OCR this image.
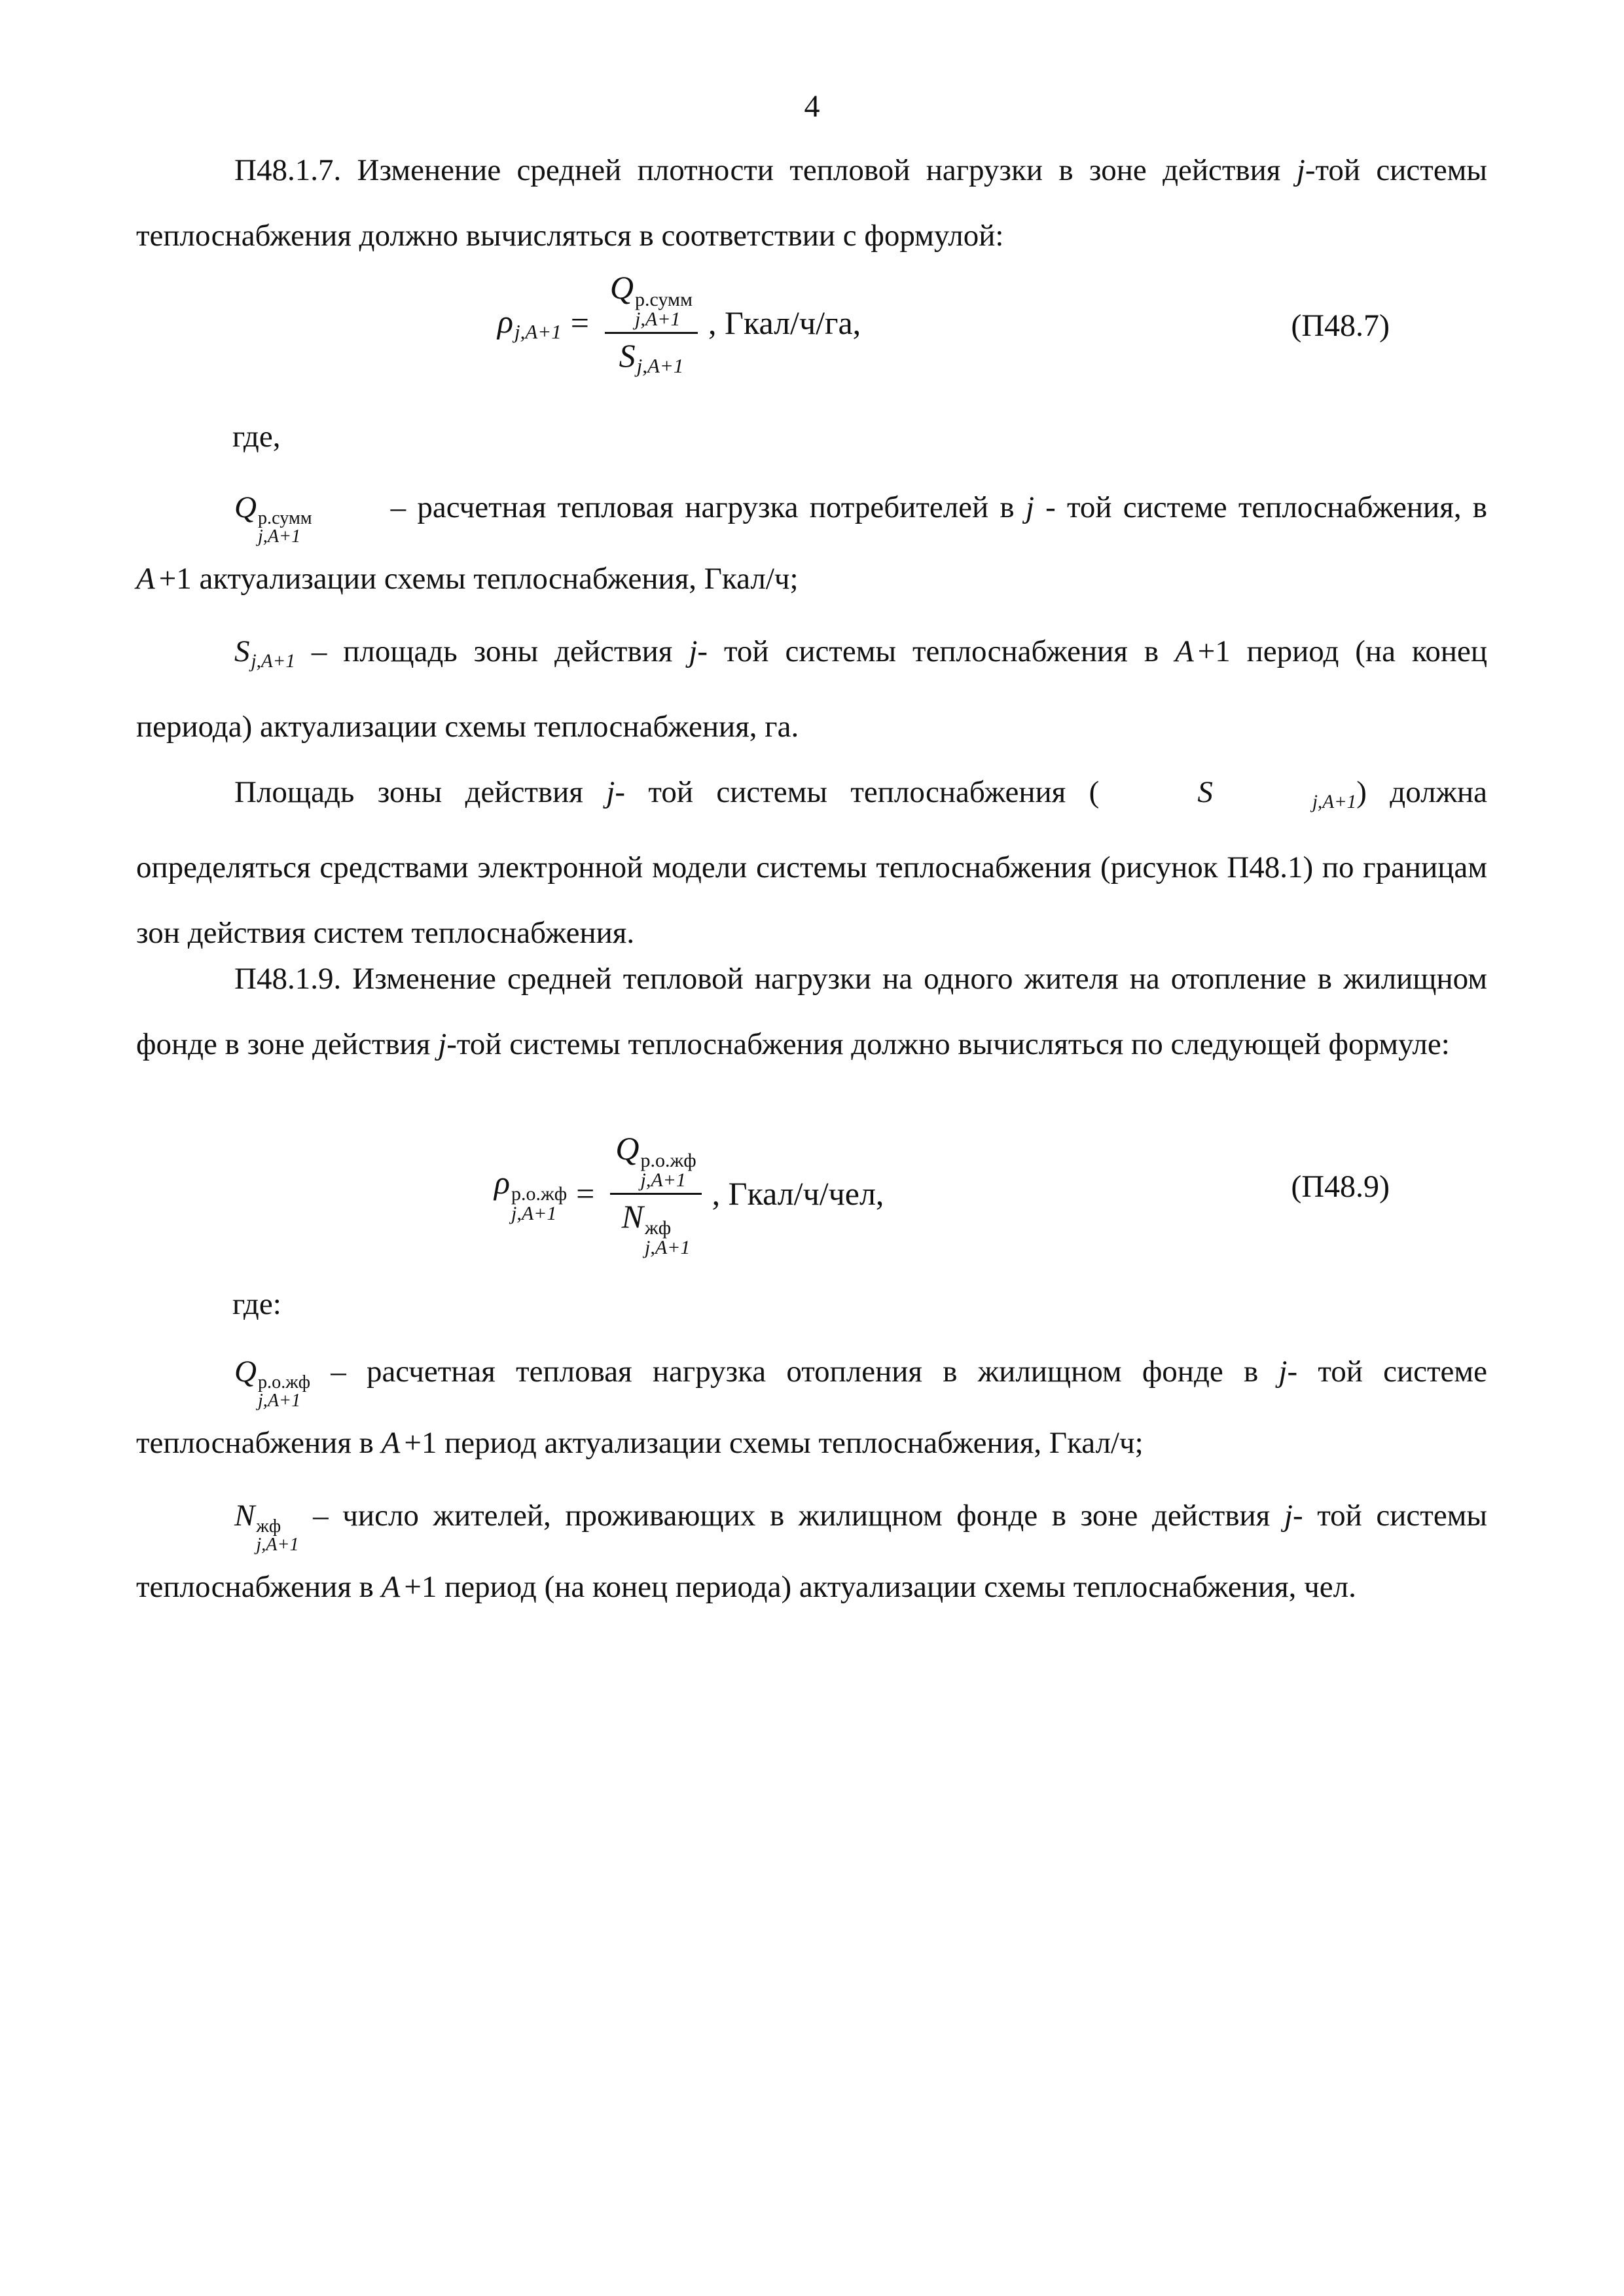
4

П48.1.7. Изменение средней плотности тепловой нагрузки в зоне действия j-той системы теплоснабжения должно вычисляться в соответствии с формулой:

ρj,A+1 = Q р.сумм
j,A+1
Sj,A+1 , Гкал/ч/га,	(П48.7)
где,

Q р.сумм
j,A+1
– расчетная тепловая нагрузка потребителей в j - той системе теплоснабжения, в A +1 актуализации схемы теплоснабжения, Гкал/ч;

Sj,A+1 – площадь зоны действия j- той системы теплоснабжения в A +1 период (на конец периода) актуализации схемы теплоснабжения, га.

Площадь зоны действия j- той системы теплоснабжения (	S	j,A+1) должна определяться средствами электронной модели системы теплоснабжения (рисунок П48.1) по границам зон действия систем теплоснабжения.

П48.1.9. Изменение средней тепловой нагрузки на одного жителя на отопление в жилищном фонде в зоне действия j-той системы теплоснабжения должно вычисляться по следующей формуле:

ρ р.о.жф
j,A+1
= Q р.о.жф
j,A+1
N жф
j,A+1 , Гкал/ч/чел,	(П48.9)
где:

Q р.о.жф
j,A+1
– расчетная тепловая нагрузка отопления в жилищном фонде в j- той системе теплоснабжения в A +1 период актуализации схемы теплоснабжения, Гкал/ч;

N жф
j,A+1
– число жителей, проживающих в жилищном фонде в зоне действия j- той системы теплоснабжения в A +1 период (на конец периода) актуализации схемы теплоснабжения, чел.
